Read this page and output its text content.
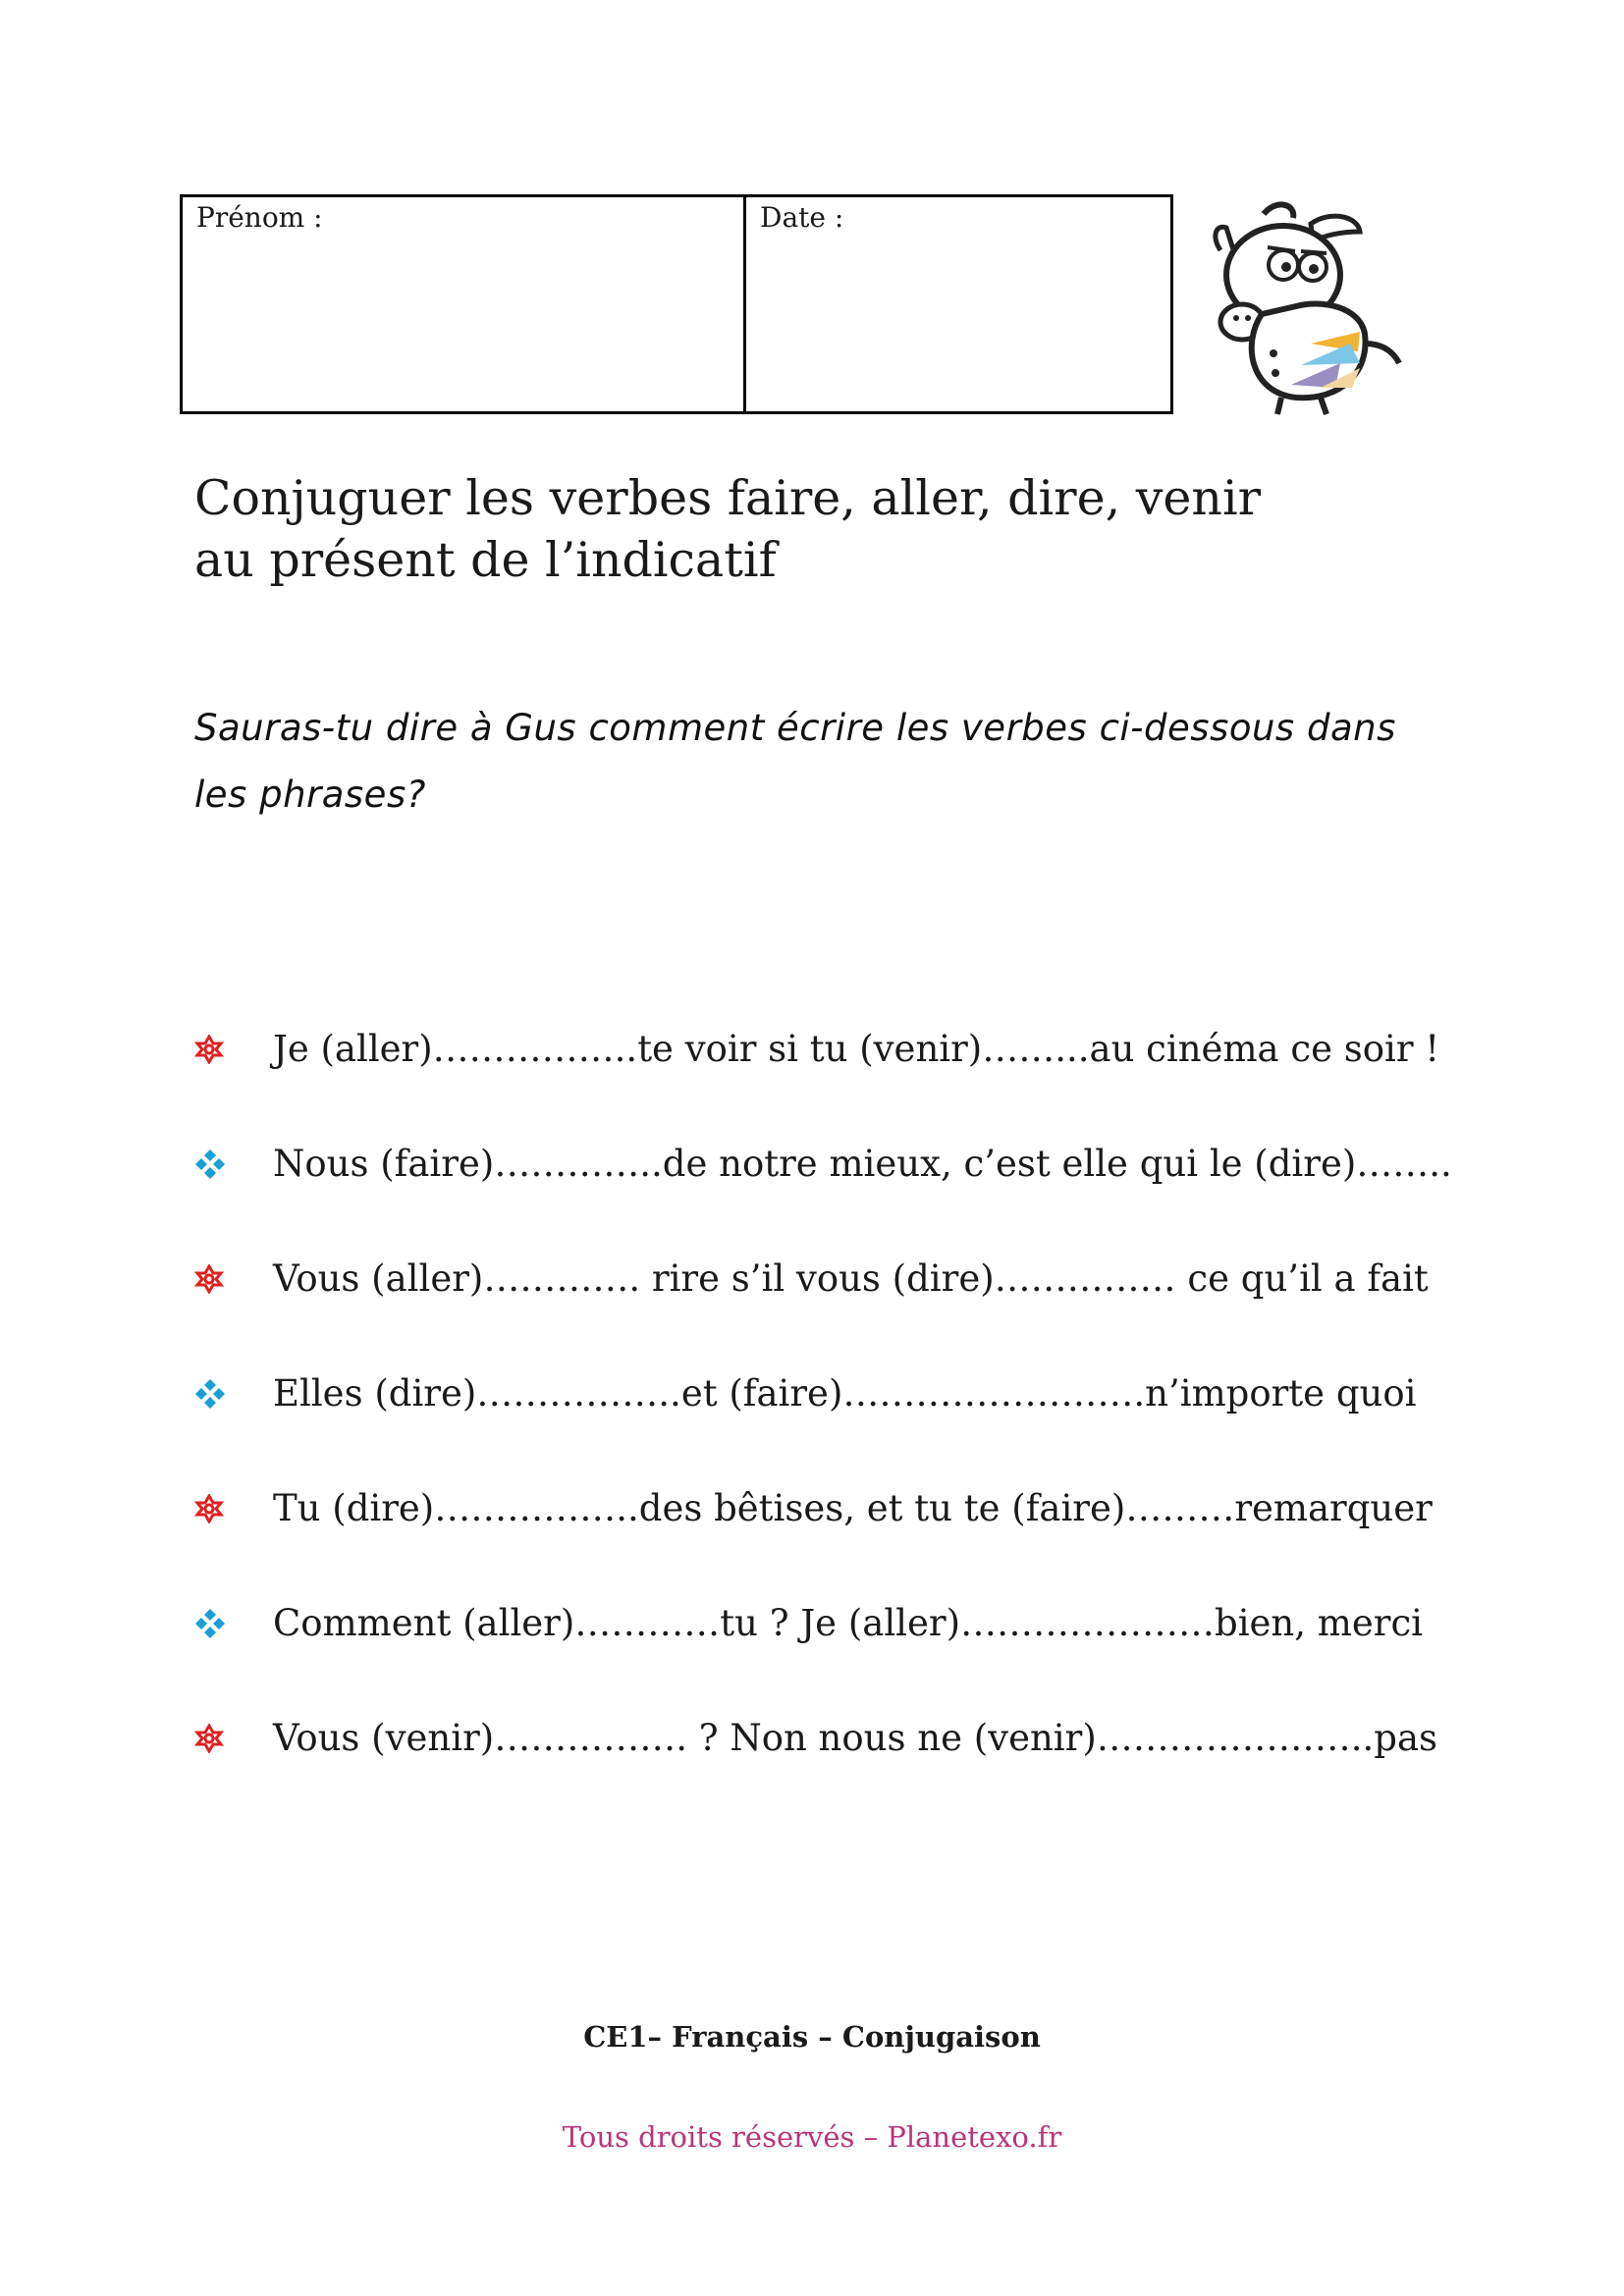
Prénom :	Date :
Conjuguer les verbes faire, aller, dire, venir au présent de l’indicatif

Sauras-tu dire à Gus comment écrire les verbes ci-dessous dans les phrases?

Je (aller)……………..te voir si tu (venir)……...au cinéma ce soir !
Nous (faire)…………..de notre mieux, c’est elle qui le (dire)……..
Vous (aller)…………. rire s’il vous (dire)…………… ce qu’il a fait
Elles (dire)……………..et (faire)…………………….n’importe quoi
Tu (dire)……………..des bêtises, et tu te (faire)………remarquer
Comment (aller)…………tu ? Je (aller)…………………bien, merci
Vous (venir)……………. ? Non nous ne (venir)…………………..pas

CE1– Français – Conjugaison

Tous droits réservés – Planetexo.fr
